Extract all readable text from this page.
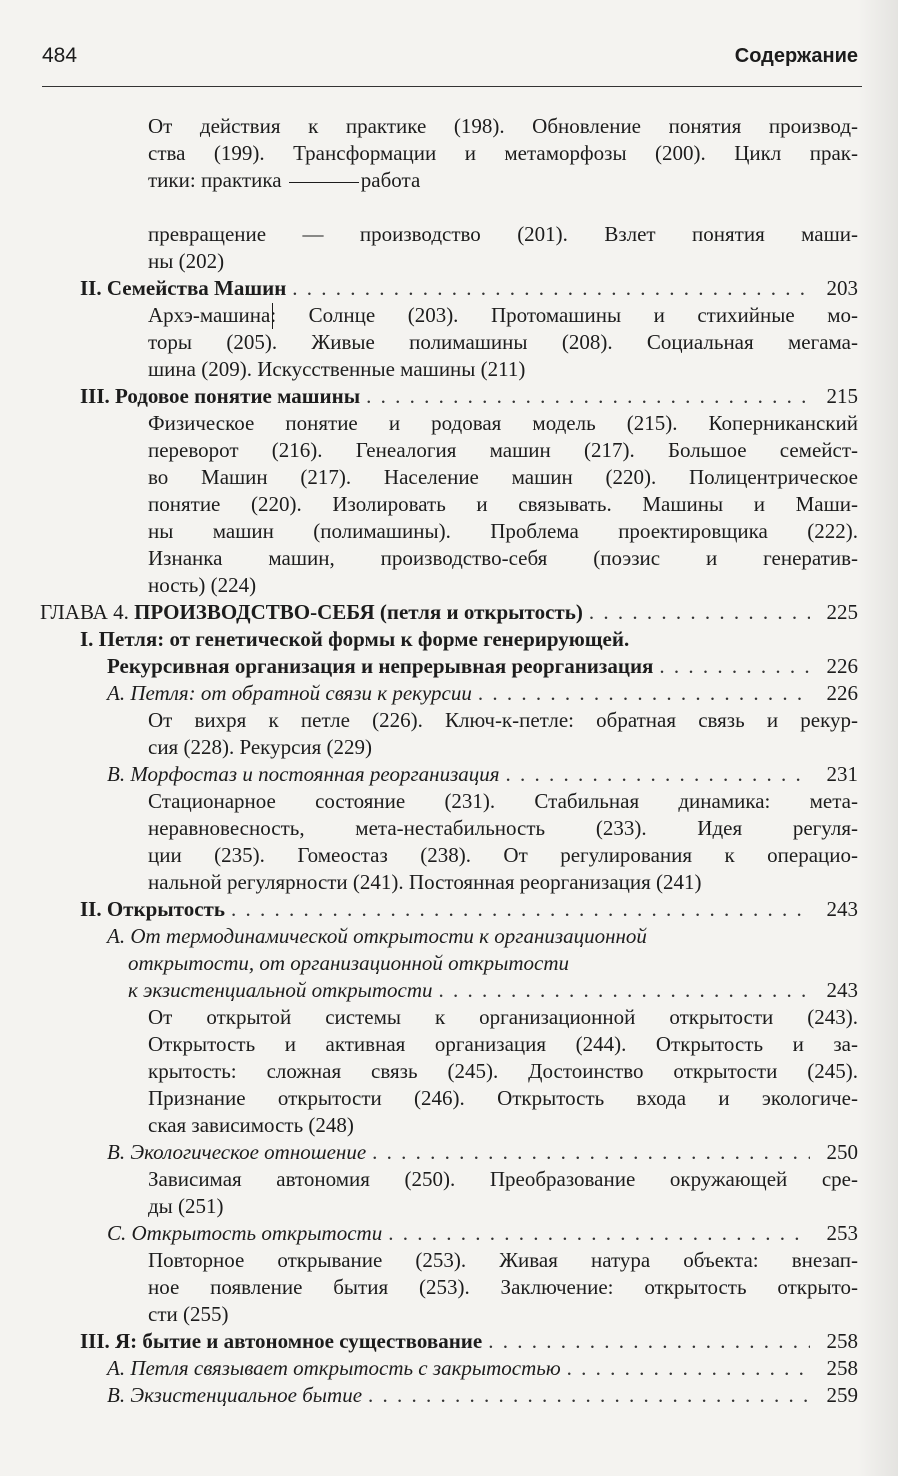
484	Содержание
От действия к практике (198). Обновление понятия производ-
ства (199). Трансформации и метаморфозы (200). Цикл прак-
тики: практика	работа
превращение — производство (201). Взлет понятия маши-
ны (202)
II. Семейства Машин . . .	203
Архэ-машина: Солнце (203). Протомашины и стихийные мо-
торы (205). Живые полимашины (208). Социальная мегама-
шина (209). Искусственные машины (211)
III. Родовое понятие машины . . .	215
Физическое понятие и родовая модель (215). Коперниканский
переворот (216). Генеалогия машин (217). Большое семейст-
во Машин (217). Население машин (220). Полицентрическое
понятие (220). Изолировать и связывать. Машины и Маши-
ны машин (полимашины). Проблема проектировщика (222).
Изнанка машин, производство-себя (поэзис и генератив-
ность) (224)
ГЛАВА 4. ПРОИЗВОДСТВО-СЕБЯ (петля и открытость) . . .	225
I. Петля: от генетической формы к форме генерирующей.
Рекурсивная организация и непрерывная реорганизация . . .	226
А. Петля: от обратной связи к рекурсии . . .	226
От вихря к петле (226). Ключ-к-петле: обратная связь и рекур-
сия (228). Рекурсия (229)
В. Морфостаз и постоянная реорганизация . . .	231
Стационарное состояние (231). Стабильная динамика: мета-
неравновесность, мета-нестабильность (233). Идея регуля-
ции (235). Гомеостаз (238). От регулирования к операцио-
нальной регулярности (241). Постоянная реорганизация (241)
II. Открытость . . .	243
А. От термодинамической открытости к организационной
открытости, от организационной открытости
к экзистенциальной открытости . . .	243
От открытой системы к организационной открытости (243).
Открытость и активная организация (244). Открытость и за-
крытость: сложная связь (245). Достоинство открытости (245).
Признание открытости (246). Открытость входа и экологиче-
ская зависимость (248)
В. Экологическое отношение . . .	250
Зависимая автономия (250). Преобразование окружающей сре-
ды (251)
С. Открытость открытости . . .	253
Повторное открывание (253). Живая натура объекта: внезап-
ное появление бытия (253). Заключение: открытость открыто-
сти (255)
III. Я: бытие и автономное существование . . .	258
А. Петля связывает открытость с закрытостью . . .	258
В. Экзистенциальное бытие . . .	259
